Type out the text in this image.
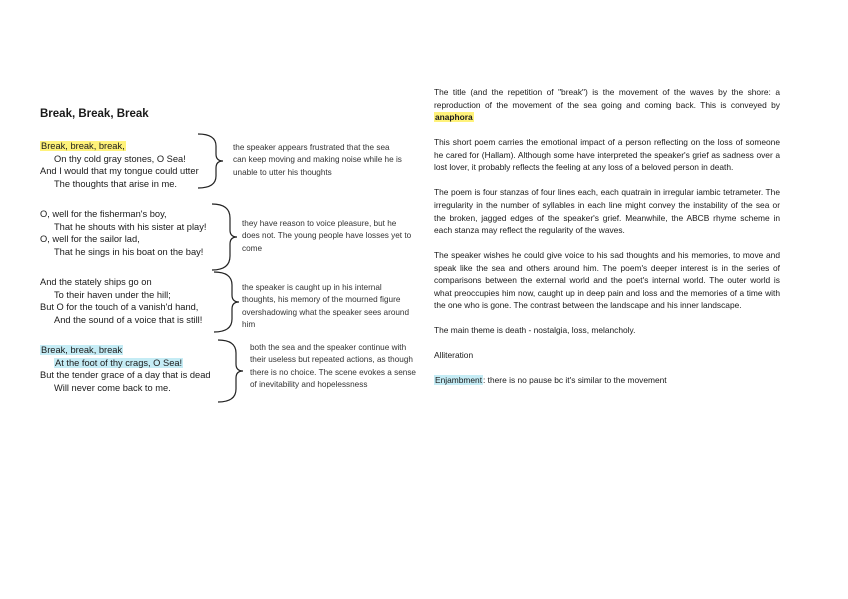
Break, Break, Break
Break, break, break,
On thy cold gray stones, O Sea!
And I would that my tongue could utter
The thoughts that arise in me.
the speaker appears frustrated that the sea can keep moving and making noise while he is unable to utter his thoughts
O, well for the fisherman's boy,
That he shouts with his sister at play!
O, well for the sailor lad,
That he sings in his boat on the bay!
they have reason to voice pleasure, but he does not. The young people have losses yet to come
And the stately ships go on
To their haven under the hill;
But O for the touch of a vanish'd hand,
And the sound of a voice that is still!
the speaker is caught up in his internal thoughts, his memory of the mourned figure overshadowing what the speaker sees around him
Break, break, break
At the foot of thy crags, O Sea!
But the tender grace of a day that is dead
Will never come back to me.
both the sea and the speaker continue with their useless but repeated actions, as though there is no choice. The scene evokes a sense of inevitability and hopelessness

The title (and the repetition of "break") is the movement of the waves by the shore: a reproduction of the movement of the sea going and coming back. This is conveyed by anaphora

This short poem carries the emotional impact of a person reflecting on the loss of someone he cared for (Hallam). Although some have interpreted the speaker's grief as sadness over a lost lover, it probably reflects the feeling at any loss of a beloved person in death.

The poem is four stanzas of four lines each, each quatrain in irregular iambic tetrameter. The irregularity in the number of syllables in each line might convey the instability of the sea or the broken, jagged edges of the speaker's grief. Meanwhile, the ABCB rhyme scheme in each stanza may reflect the regularity of the waves.

The speaker wishes he could give voice to his sad thoughts and his memories, to move and speak like the sea and others around him. The poem's deeper interest is in the series of comparisons between the external world and the poet's internal world. The outer world is what preoccupies him now, caught up in deep pain and loss and the memories of a time with the one who is gone. The contrast between the landscape and his inner landscape.

The main theme is death - nostalgia, loss, melancholy.

Alliteration

Enjambment: there is no pause bc it's similar to the movement
